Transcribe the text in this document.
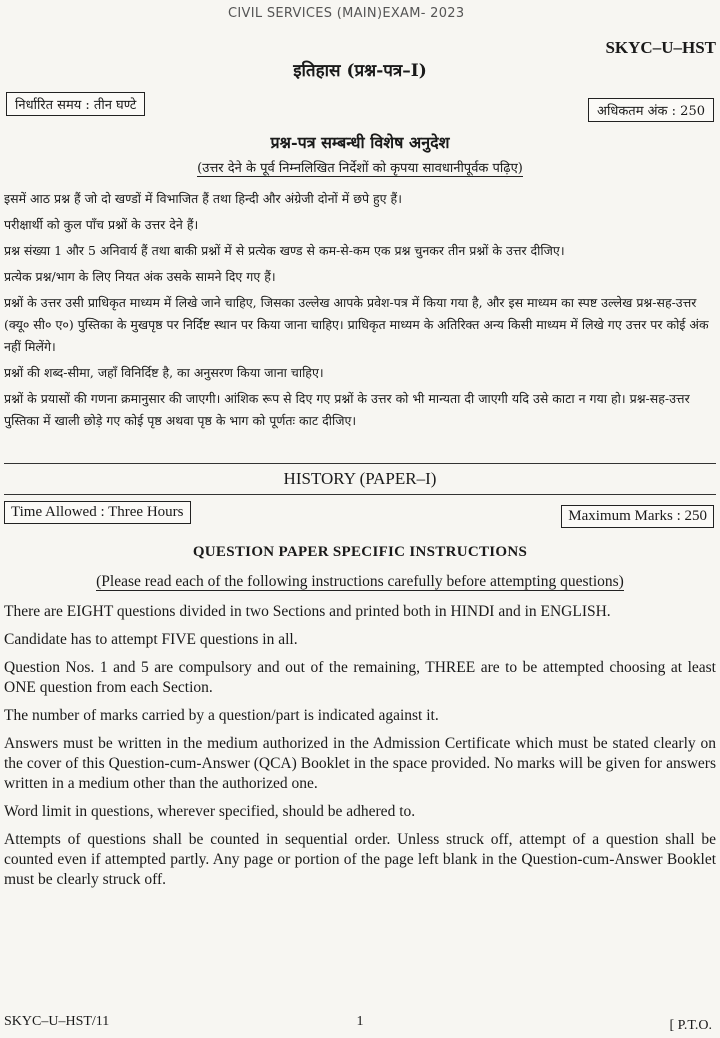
CIVIL SERVICES (MAIN)EXAM- 2023
SKYC–U–HST
इतिहास (प्रश्न-पत्र–I)
निर्धारित समय : तीन घण्टे	अधिकतम अंक : 250
प्रश्न-पत्र सम्बन्धी विशेष अनुदेश
(उत्तर देने के पूर्व निम्नलिखित निर्देशों को कृपया सावधानीपूर्वक पढ़िए)

इसमें आठ प्रश्न हैं जो दो खण्डों में विभाजित हैं तथा हिन्दी और अंग्रेजी दोनों में छपे हुए हैं।

परीक्षार्थी को कुल पाँच प्रश्नों के उत्तर देने हैं।

प्रश्न संख्या 1 और 5 अनिवार्य हैं तथा बाकी प्रश्नों में से प्रत्येक खण्ड से कम-से-कम एक प्रश्न चुनकर तीन प्रश्नों के उत्तर दीजिए।

प्रत्येक प्रश्न/भाग के लिए नियत अंक उसके सामने दिए गए हैं।

प्रश्नों के उत्तर उसी प्राधिकृत माध्यम में लिखे जाने चाहिए, जिसका उल्लेख आपके प्रवेश-पत्र में किया गया है, और इस माध्यम का स्पष्ट उल्लेख प्रश्न-सह-उत्तर (क्यू० सी० ए०) पुस्तिका के मुखपृष्ठ पर निर्दिष्ट स्थान पर किया जाना चाहिए। प्राधिकृत माध्यम के अतिरिक्त अन्य किसी माध्यम में लिखे गए उत्तर पर कोई अंक नहीं मिलेंगे।

प्रश्नों की शब्द-सीमा, जहाँ विनिर्दिष्ट है, का अनुसरण किया जाना चाहिए।

प्रश्नों के प्रयासों की गणना क्रमानुसार की जाएगी। आंशिक रूप से दिए गए प्रश्नों के उत्तर को भी मान्यता दी जाएगी यदि उसे काटा न गया हो। प्रश्न-सह-उत्तर पुस्तिका में खाली छोड़े गए कोई पृष्ठ अथवा पृष्ठ के भाग को पूर्णतः काट दीजिए।

HISTORY (PAPER–I)
Time Allowed : Three Hours	Maximum Marks : 250
QUESTION PAPER SPECIFIC INSTRUCTIONS
(Please read each of the following instructions carefully before attempting questions)

There are EIGHT questions divided in two Sections and printed both in HINDI and in ENGLISH.

Candidate has to attempt FIVE questions in all.

Question Nos. 1 and 5 are compulsory and out of the remaining, THREE are to be attempted choosing at least ONE question from each Section.

The number of marks carried by a question/part is indicated against it.

Answers must be written in the medium authorized in the Admission Certificate which must be stated clearly on the cover of this Question-cum-Answer (QCA) Booklet in the space provided. No marks will be given for answers written in a medium other than the authorized one.

Word limit in questions, wherever specified, should be adhered to.

Attempts of questions shall be counted in sequential order. Unless struck off, attempt of a question shall be counted even if attempted partly. Any page or portion of the page left blank in the Question-cum-Answer Booklet must be clearly struck off.

SKYC–U–HST/11	1	[ P.T.O.
